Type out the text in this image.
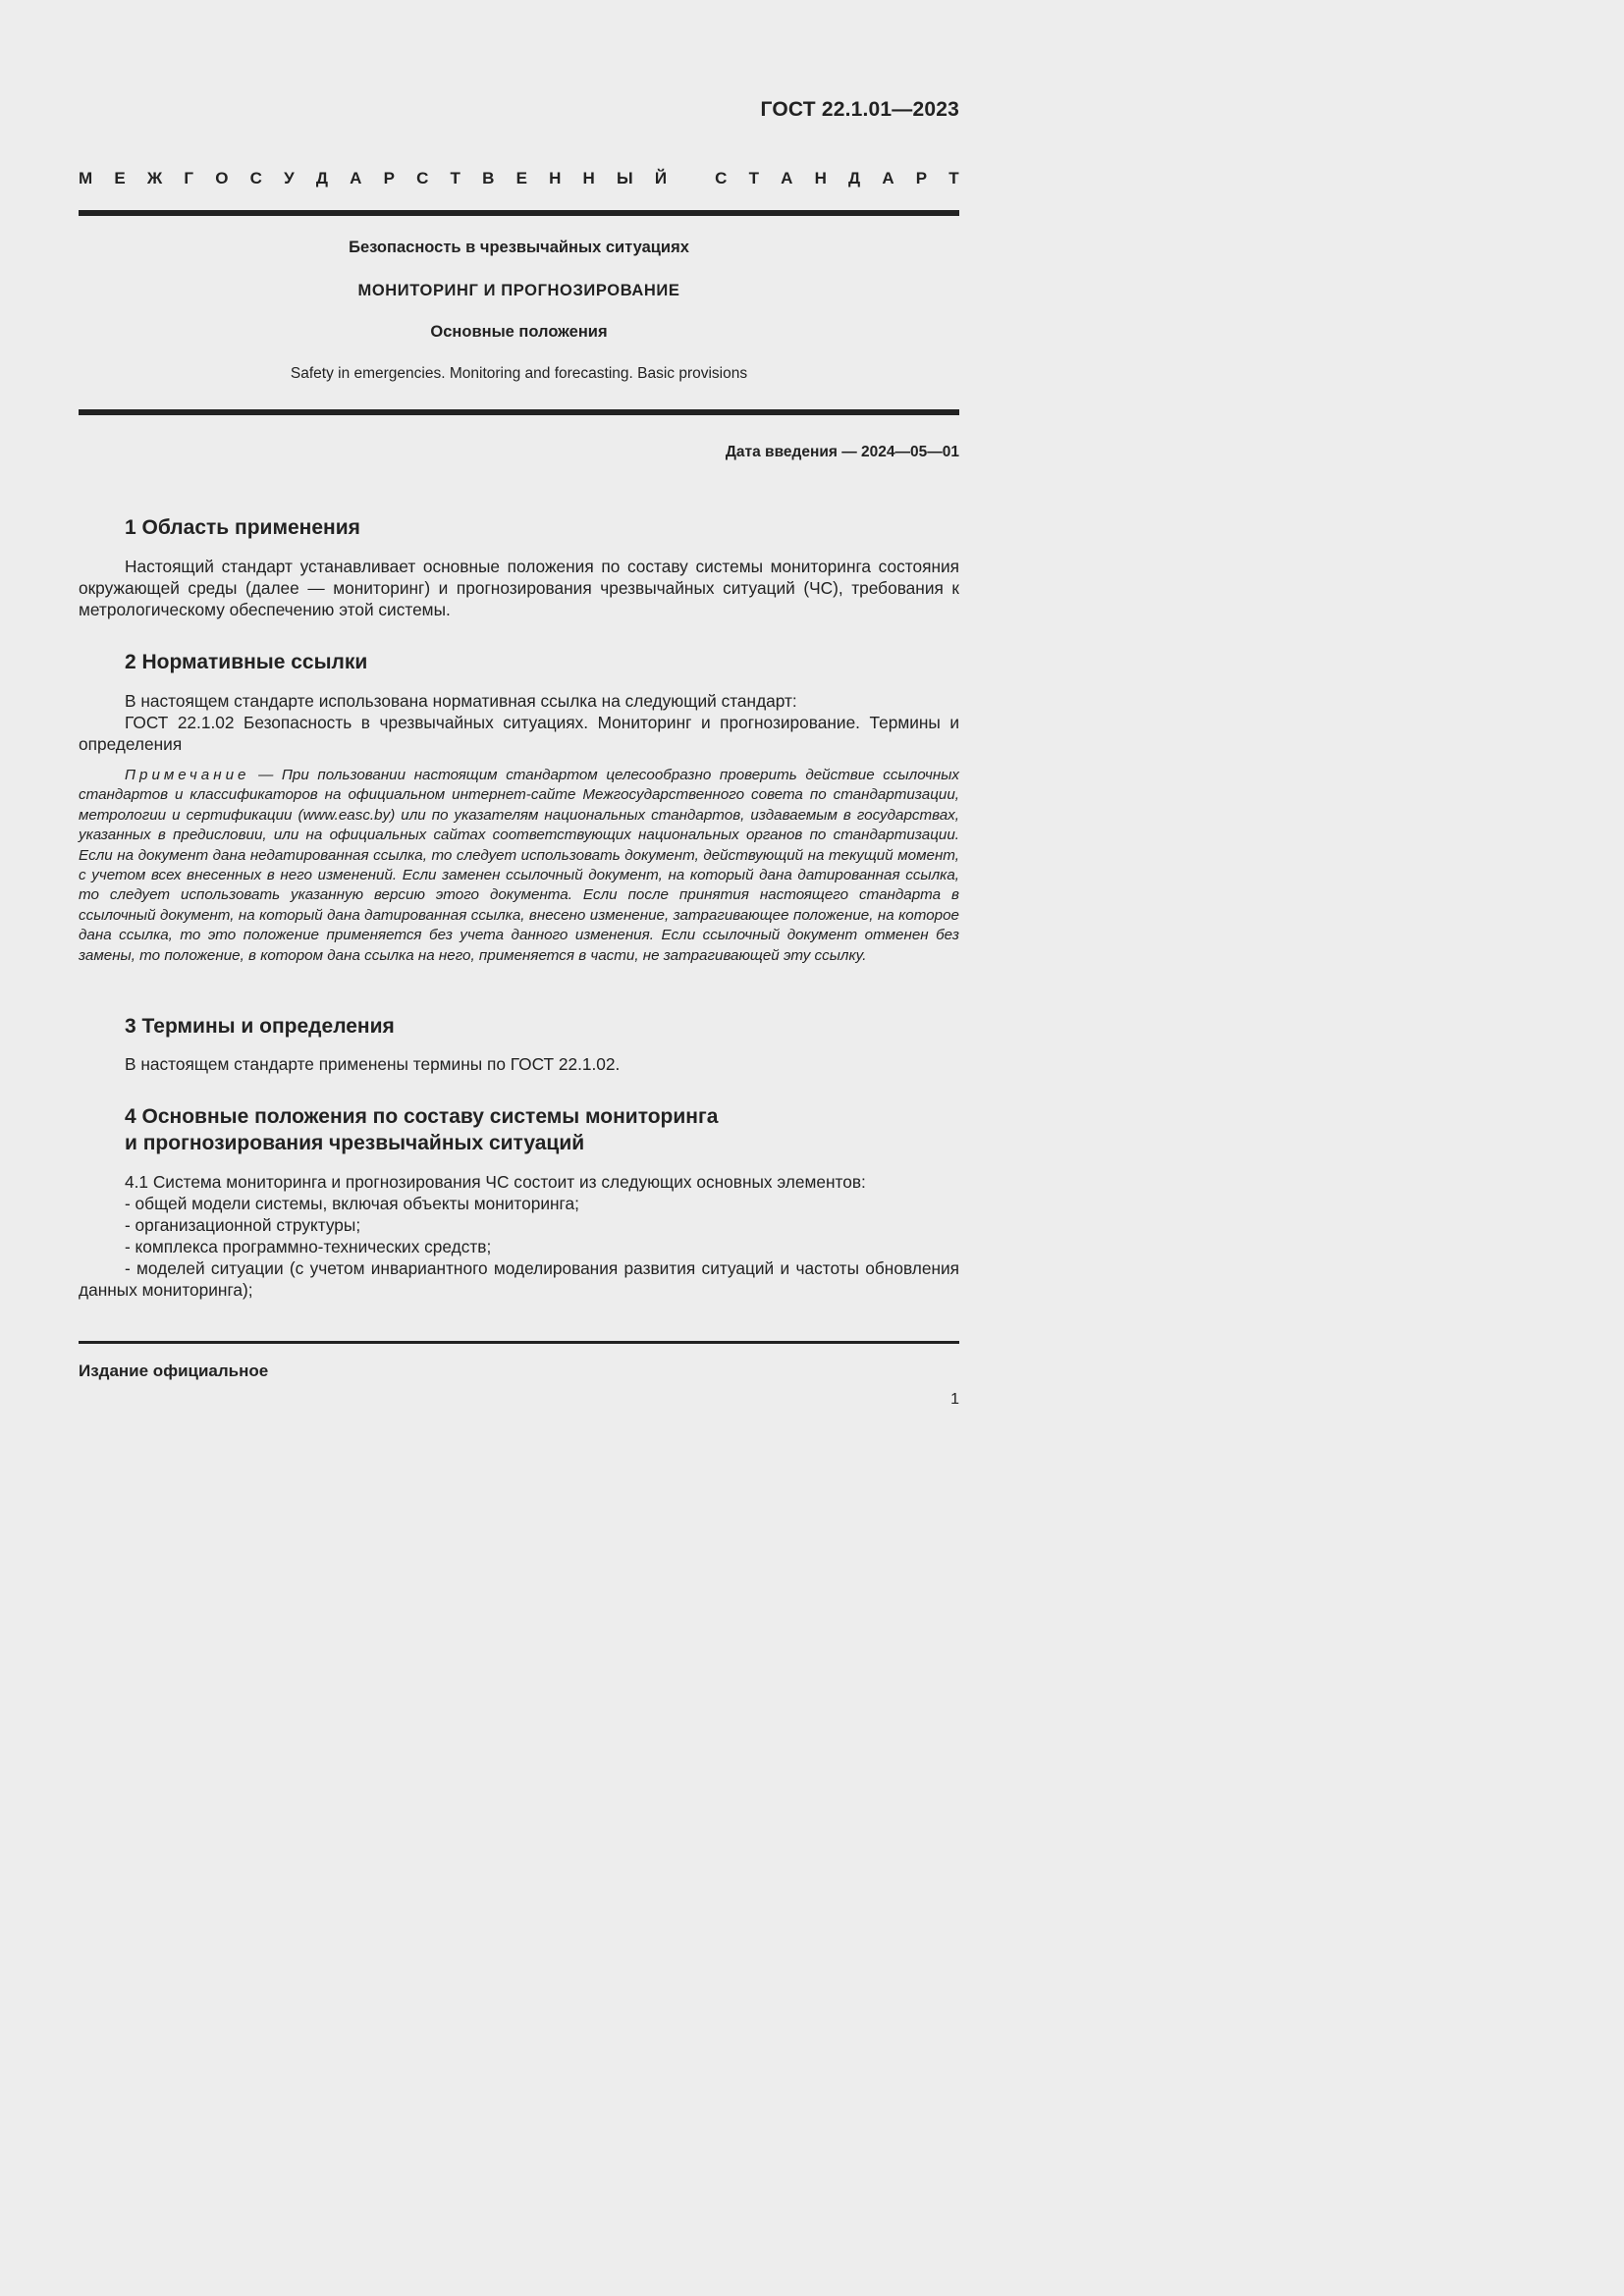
ГОСТ 22.1.01—2023
М Е Ж Г О С У Д А Р С Т В Е Н Н Ы Й
	С Т А Н Д А Р Т
Безопасность в чрезвычайных ситуациях
МОНИТОРИНГ И ПРОГНОЗИРОВАНИЕ
Основные положения
Safety in emergencies. Monitoring and forecasting. Basic provisions
Дата введения — 2024—05—01
1 Область применения
Настоящий стандарт устанавливает основные положения по составу системы мониторинга состояния окружающей среды (далее — мониторинг) и прогнозирования чрезвычайных ситуаций (ЧС), требования к метрологическому обеспечению этой системы.
2 Нормативные ссылки
В настоящем стандарте использована нормативная ссылка на следующий стандарт:
ГОСТ 22.1.02 Безопасность в чрезвычайных ситуациях. Мониторинг и прогнозирование. Термины и определения
Примечание — При пользовании настоящим стандартом целесообразно проверить действие ссылочных стандартов и классификаторов на официальном интернет-сайте Межгосударственного совета по стандартизации, метрологии и сертификации (www.easc.by) или по указателям национальных стандартов, издаваемым в государствах, указанных в предисловии, или на официальных сайтах соответствующих национальных органов по стандартизации. Если на документ дана недатированная ссылка, то следует использовать документ, действующий на текущий момент, с учетом всех внесенных в него изменений. Если заменен ссылочный документ, на который дана датированная ссылка, то следует использовать указанную версию этого документа. Если после принятия настоящего стандарта в ссылочный документ, на который дана датированная ссылка, внесено изменение, затрагивающее положение, на которое дана ссылка, то это положение применяется без учета данного изменения. Если ссылочный документ отменен без замены, то положение, в котором дана ссылка на него, применяется в части, не затрагивающей эту ссылку.
3 Термины и определения
В настоящем стандарте применены термины по ГОСТ 22.1.02.
4 Основные положения по составу системы мониторинга
и прогнозирования чрезвычайных ситуаций
4.1 Система мониторинга и прогнозирования ЧС состоит из следующих основных элементов:
- общей модели системы, включая объекты мониторинга;
- организационной структуры;
- комплекса программно-технических средств;
- моделей ситуации (с учетом инвариантного моделирования развития ситуаций и частоты обновления данных мониторинга);
Издание официальное
1
